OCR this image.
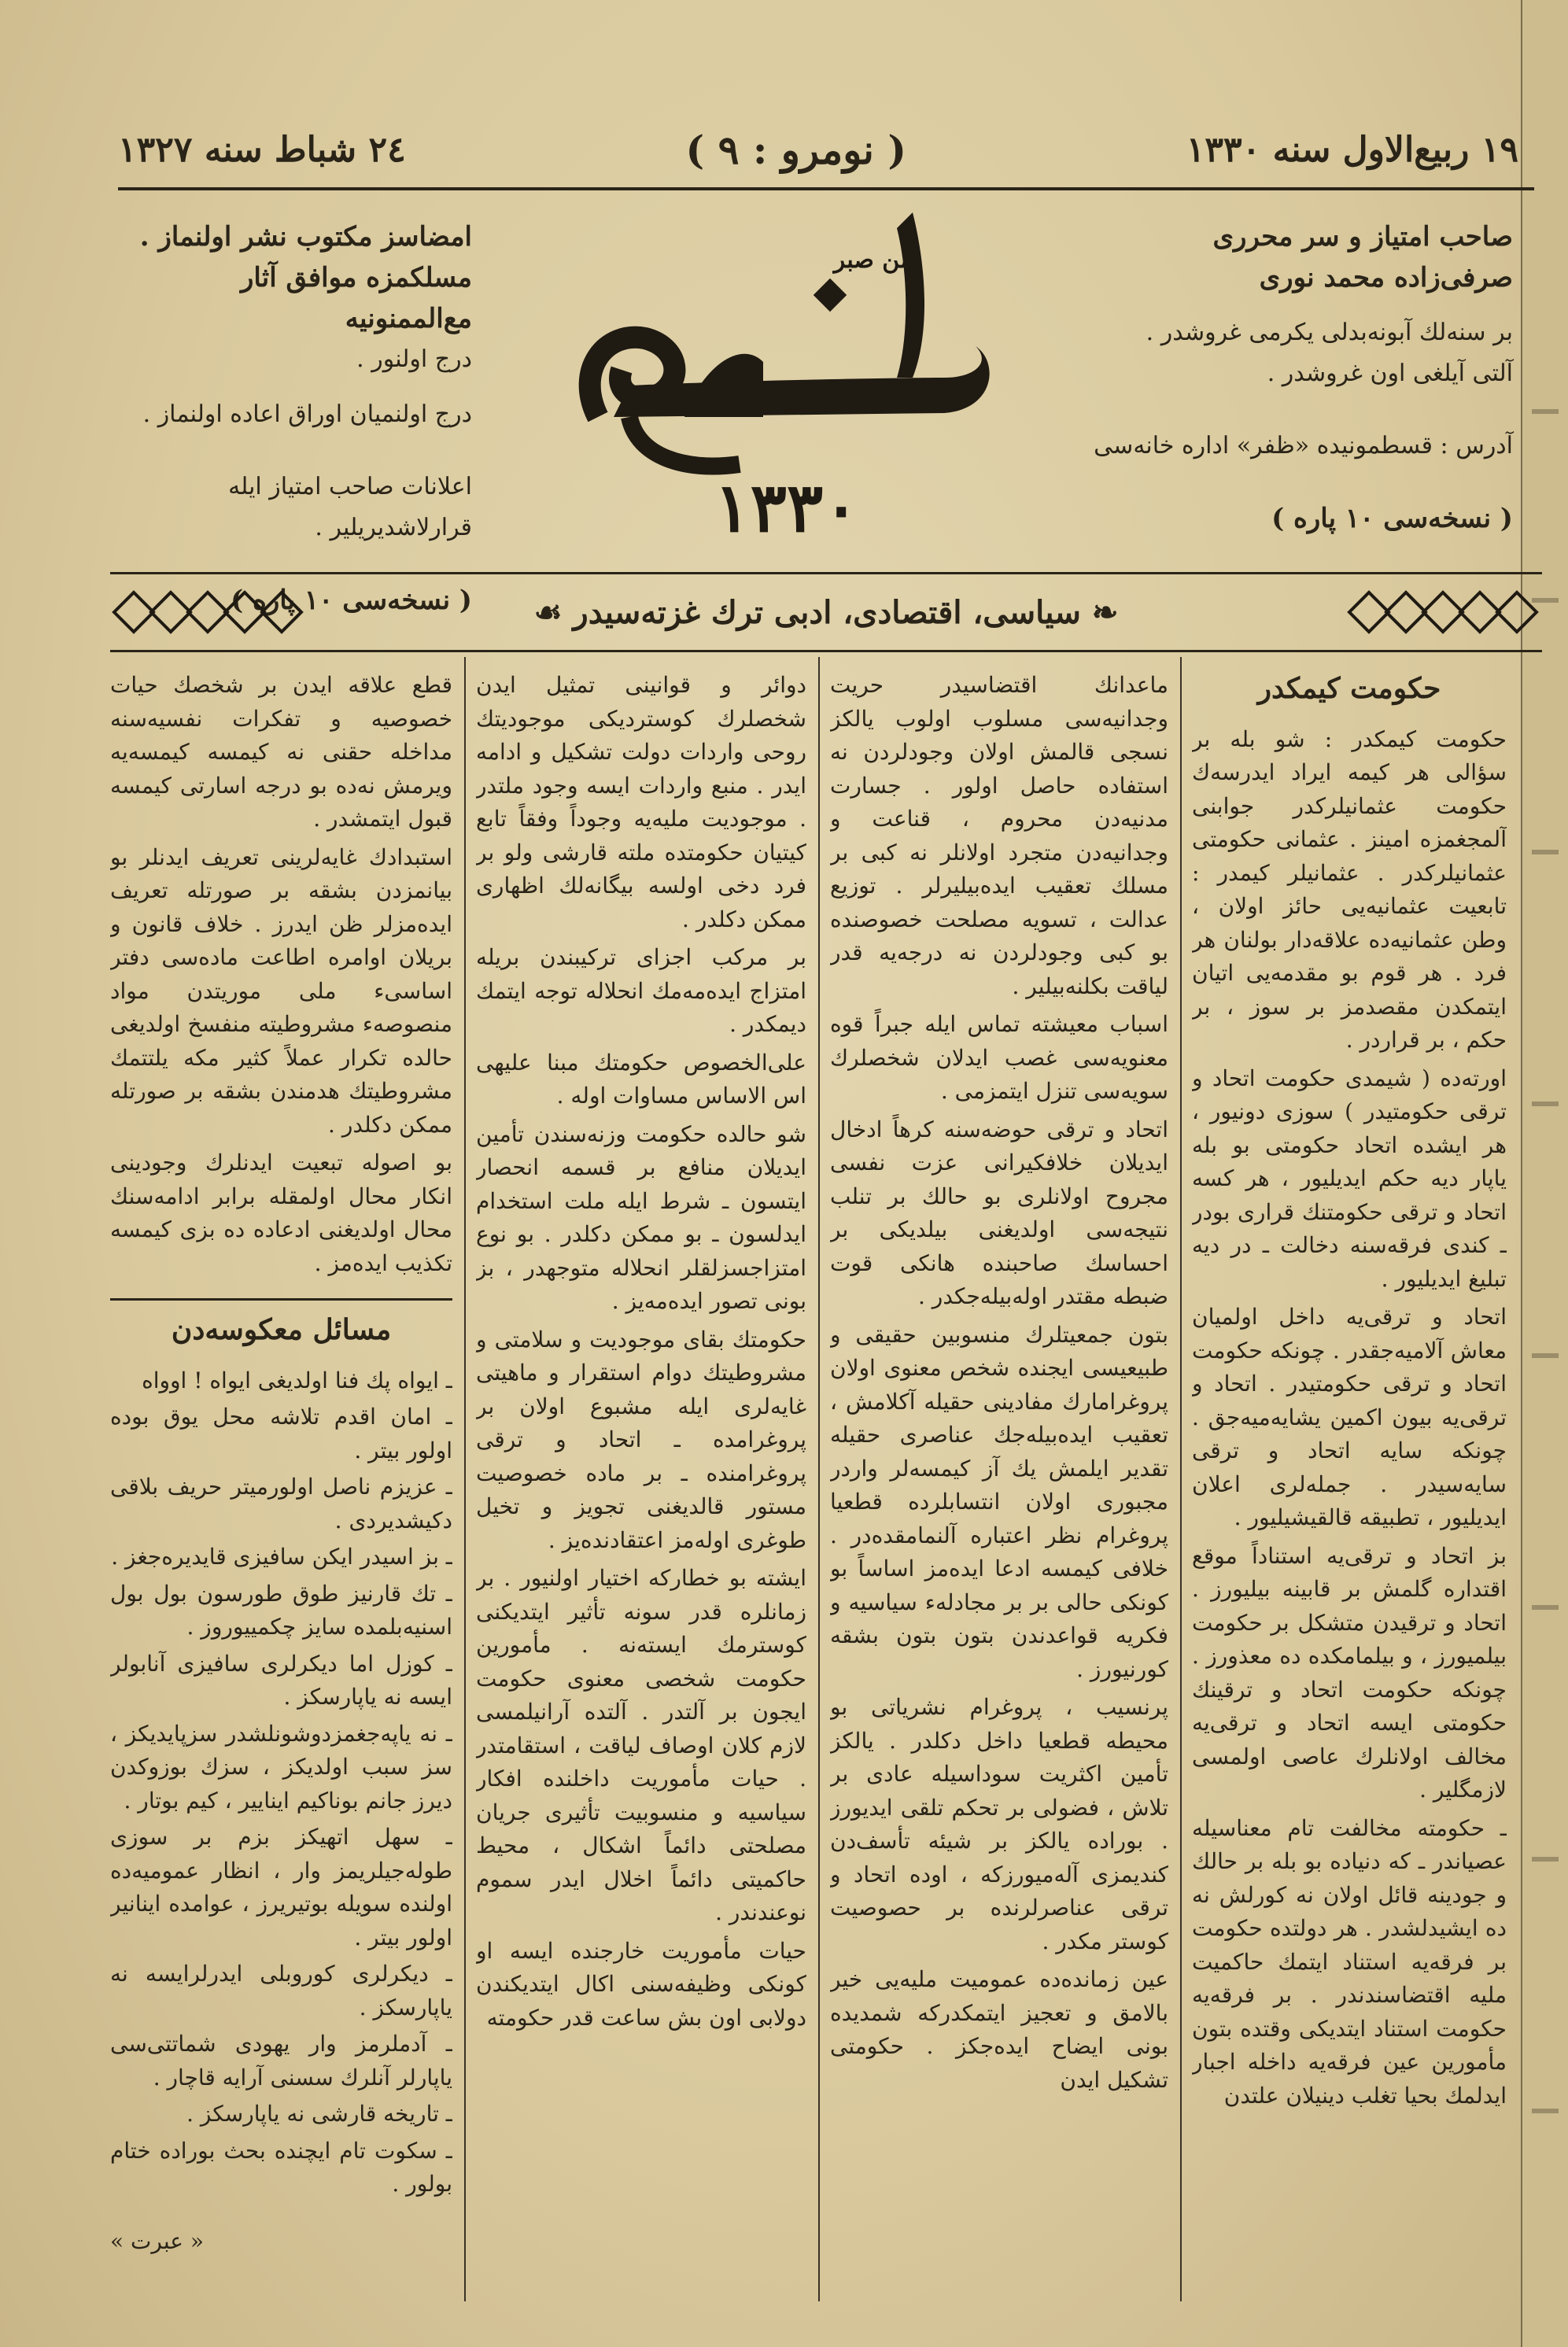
١٩ ربیع‌الاول سنه ١٣٣٠
( نومرو : ٩ )
٢٤ شباط سنه ١٣٢٧
صاحب امتیاز و سر محرری
صرفی‌زاده محمد نوری
بر سنه‌لك آبونه‌بدلی یکرمی غروشدر .
آلتی آیلغی اون غروشدر .
آدرس : قسطمونیده «ظفر» اداره خانه‌سی
( نسخه‌سی ١٠ پاره )
امضاسز مکتوب نشر اولنماز .
مسلکمزه موافق آثار مع‌الممنونیه
درج اولنور .
درج اولنمیان اوراق اعاده اولنماز .
اعلانات صاحب امتیاز ایله قرارلاشدیریلیر .
( نسخه‌سی ١٠ پاره )
من صبر
ظفر
١٣٣٠
❧ سیاسی، اقتصادی، ادبی ترك غزته‌سیدر ☙
حکومت کیمکدر

حکومت کیمکدر : شو بله بر سؤالی هر کیمه ایراد ایدرسه‌ك حکومت عثمانیلرکدر جوابنی آلمجغمزه امینز . عثمانی حکومتی عثمانیلرکدر . عثمانیلر کیمدر : تابعیت عثمانیه‌یی حائز اولان ، وطن عثمانیه‌ده علاقه‌دار بولنان هر فرد . هر قوم بو مقدمه‌یی اتیان ایتمکدن مقصدمز بر سوز ، بر حکم ، بر قراردر .

اورته‌ده ( شیمدی حکومت اتحاد و ترقی حکومتیدر ) سوزی دونیور ، هر ایشده اتحاد حکومتی بو بله یاپار دیه حکم ایدیلیور ، هر کسه اتحاد و ترقی حکومتنك قراری بودر ـ کندی فرقه‌سنه دخالت ـ در دیه تبلیغ ایدیلیور .

اتحاد و ترقی‌یه داخل اولمیان معاش آلامیه‌جقدر . چونکه حکومت اتحاد و ترقی حکومتیدر . اتحاد و ترقی‌یه بیون اکمین یشایه‌میه‌جق . چونکه سایه اتحاد و ترقی سایه‌سیدر . جمله‌لری اعلان ایدیلیور ، تطبیقه قالقیشیلیور .

بز اتحاد و ترقی‌یه استناداً موقع اقتداره گلمش بر قابینه بیلیورز . اتحاد و ترقیدن متشکل بر حکومت بیلمیورز ، و بیلمامکده ده معذورز . چونکه حکومت اتحاد و ترقینك حکومتی ایسه اتحاد و ترقی‌یه مخالف اولانلرك عاصی اولمسی لازمگلیر .

ـ حکومته مخالفت تام معناسیله عصیاندر ـ که دنیاده بو بله بر حالك و جودینه قائل اولان نه کورلش نه ده ایشیدلشدر . هر دولتده حکومت بر فرقه‌یه استناد ایتمك حاکمیت ملیه اقتضاسندندر . بر فرقه‌یه حکومت استناد ایتدیکی وقتده بتون مأمورین عین فرقه‌یه داخله اجبار ایدلمك بحیا تغلب دینیلان علتدن

ماعدانك اقتضاسیدر حریت وجدانیه‌سی مسلوب اولوب یالکز نسجی قالمش اولان وجودلردن نه استفاده حاصل اولور . جسارت مدنیه‌دن محروم ، قناعت و وجدانیه‌دن متجرد اولانلر نه کبی بر مسلك تعقیب ایده‌بیلیرلر . توزیع عدالت ، تسویه مصلحت خصوصنده بو کبی وجودلردن نه درجه‌یه قدر لیاقت بکلنه‌بیلیر .

اسباب معیشته تماس ایله جبراً قوه معنویه‌سی غصب ایدلان شخصلرك سویه‌سی تنزل ایتمزمی .

اتحاد و ترقی حوضه‌سنه کرهاً ادخال ایدیلان خلافکیرانی عزت نفسی مجروح اولانلری بو حالك بر تنلب نتیجه‌سی اولدیغنی بیلدیکی بر احساسك صاحبنده هانکی قوت ضبطه مقتدر اوله‌بیله‌جکدر .

بتون جمعیتلرك منسوبین حقیقی و طبیعیسی ایجنده شخص معنوی اولان پروغرامارك مفادینی حقیله آکلامش ، تعقیب ایده‌بیله‌جك عناصری حقیله تقدیر ایلمش یك آز کیمسه‌لر واردر مجبوری اولان انتسابلرده قطعیا پروغرام نظر اعتباره آلنمامقده‌در . خلافی کیمسه ادعا ایده‌مز اساساً بو کونکی حالی بر بر مجادله‌ء سیاسیه و فکریه قواعدندن بتون بتون بشقه کورنیورز .

پرنسیب ، پروغرام نشریاتی بو محیطه قطعیا داخل دکلدر . یالکز تأمین اکثریت سوداسیله عادی بر تلاش ، فضولی بر تحکم تلقی ایدیورز . بوراده یالکز بر شیئه تأسف‌دن کندیمزی آله‌میورزکه ، اوده اتحاد و ترقی عناصرلرنده بر حصوصیت کوستر مکدر .

عین زمانده‌ده عمومیت ملیه‌یی خیر بالامق و تعجیز ایتمکدرکه شمدیده بونی ایضاح ایده‌جکز . حکومتی تشکیل ایدن

دوائر و قوانینی تمثیل ایدن شخصلرك کوستردیکی موجودیتك روحی واردات دولت تشکیل و ادامه ایدر . منبع واردات ایسه وجود ملتدر . موجودیت ملیه‌یه وجوداً وفقاً تابع کیتیان حکومتده ملته قارشی ولو بر فرد دخی اولسه بیگانه‌لك اظهاری ممکن دکلدر .

بر مرکب اجزای ترکیبندن بریله امتزاج ایده‌مه‌مك انحلاله توجه ایتمك دیمکدر .

علی‌الخصوص حکومتك مبنا علیهی اس الاساس مساوات اوله .

شو حالده حکومت وزنه‌سندن تأمین ایدیلان منافع بر قسمه انحصار ایتسون ـ شرط ایله ملت استخدام ایدلسون ـ بو ممکن دکلدر . بو نوع امتزاجسزلقلر انحلاله متوجهدر ، بز بونی تصور ایده‌مه‌یز .

حکومتك بقای موجودیت و سلامتی و مشروطیتك دوام استقرار و ماهیتی غایه‌لری ایله مشبوع اولان بر پروغرامده ـ اتحاد و ترقی پروغرامنده ـ بر ماده خصوصیت مستور قالدیغنی تجویز و تخیل طوغری اوله‌مز اعتقادنده‌یز .

ایشته بو خطارکه اختیار اولنیور . بر زمانلره قدر سونه تأثیر ایتدیکنی کوسترمك ایسته‌نه . مأمورین حکومت شخصی معنوی حکومت ایجون بر آلتدر . آلتده آرانیلمسی لازم کلان اوصاف لیاقت ، استقامتدر . حیات مأموریت داخلنده افکار سیاسیه و منسوبیت تأثیری جریان مصلحتی دائماً اشکال ، محیط حاکمیتی دائماً اخلال ایدر سموم نوعندندر .

حیات مأموریت خارجنده ایسه او کونکی وظیفه‌سنی اکال ایتدیکندن دولابی اون بش ساعت قدر حکومته

قطع علاقه ایدن بر شخصك حیات خصوصیه و تفکرات نفسیه‌سنه مداخله حقنی نه کیمسه کیمسه‌یه ویرمش نه‌ده بو درجه اسارتی کیمسه قبول ایتمشدر .

استبدادك غایه‌لرینی تعریف ایدنلر بو بیانمزدن بشقه بر صورتله تعریف ایده‌مزلر ظن ایدرز . خلاف قانون و بریلان اوامره اطاعت ماده‌سی دفتر اساسی‌ء ملی موریتدن مواد منصوصه‌ء مشروطیته منفسخ اولدیغی حالده تکرار عملاً کثیر مکه یلتتمك مشروطیتك هدمندن بشقه بر صورتله ممکن دکلدر .

بو اصوله تبعیت ایدنلرك وجودینی انکار محال اولمقله برابر ادامه‌سنك محال اولدیغنی ادعاده ده بزی کیمسه تکذیب ایده‌مز .

مسائل معکوسه‌دن

ـ ایواه پك فنا اولدیغی ایواه ! اوواه

ـ امان اقدم تلاشه محل یوق بوده اولور بیتر .

ـ عزیزم ناصل اولورمیتر حریف بلاقی دکیشدیردی .

ـ بز اسیدر ایکن سافیزی قایدیره‌جغز .

ـ تك قارنیز طوق طورسون بول بول اسنیه‌بلمده سایز چکمییوروز .

ـ کوزل اما دیکرلری سافیزی آنابولر ایسه نه یاپارسکز .

ـ نه یاپه‌جغمزدوشونلشدر سزپایدیکز ، سز سبب اولدیکز ، سزك بوزوکدن دیرز جانم بوناکیم ایناییر ، کیم بوتار .

ـ سهل اتهیکز بزم بر سوزی طوله‌جیلریمز وار ، انظار عمومیه‌ده اولنده سویله بوتیریرز ، عوامده اینانیر اولور بیتر .

ـ دیکرلری کوروبلی ایدرلرایسه نه یاپارسکز .

ـ آدملرمز وار یهودی شماتتی‌سی یاپارلر آنلرك سسنی آرایه قاچار .

ـ تاریخه قارشی نه یاپارسکز .

ـ سکوت تام ایچنده بحث بوراده ختام بولور .

« عبرت »
